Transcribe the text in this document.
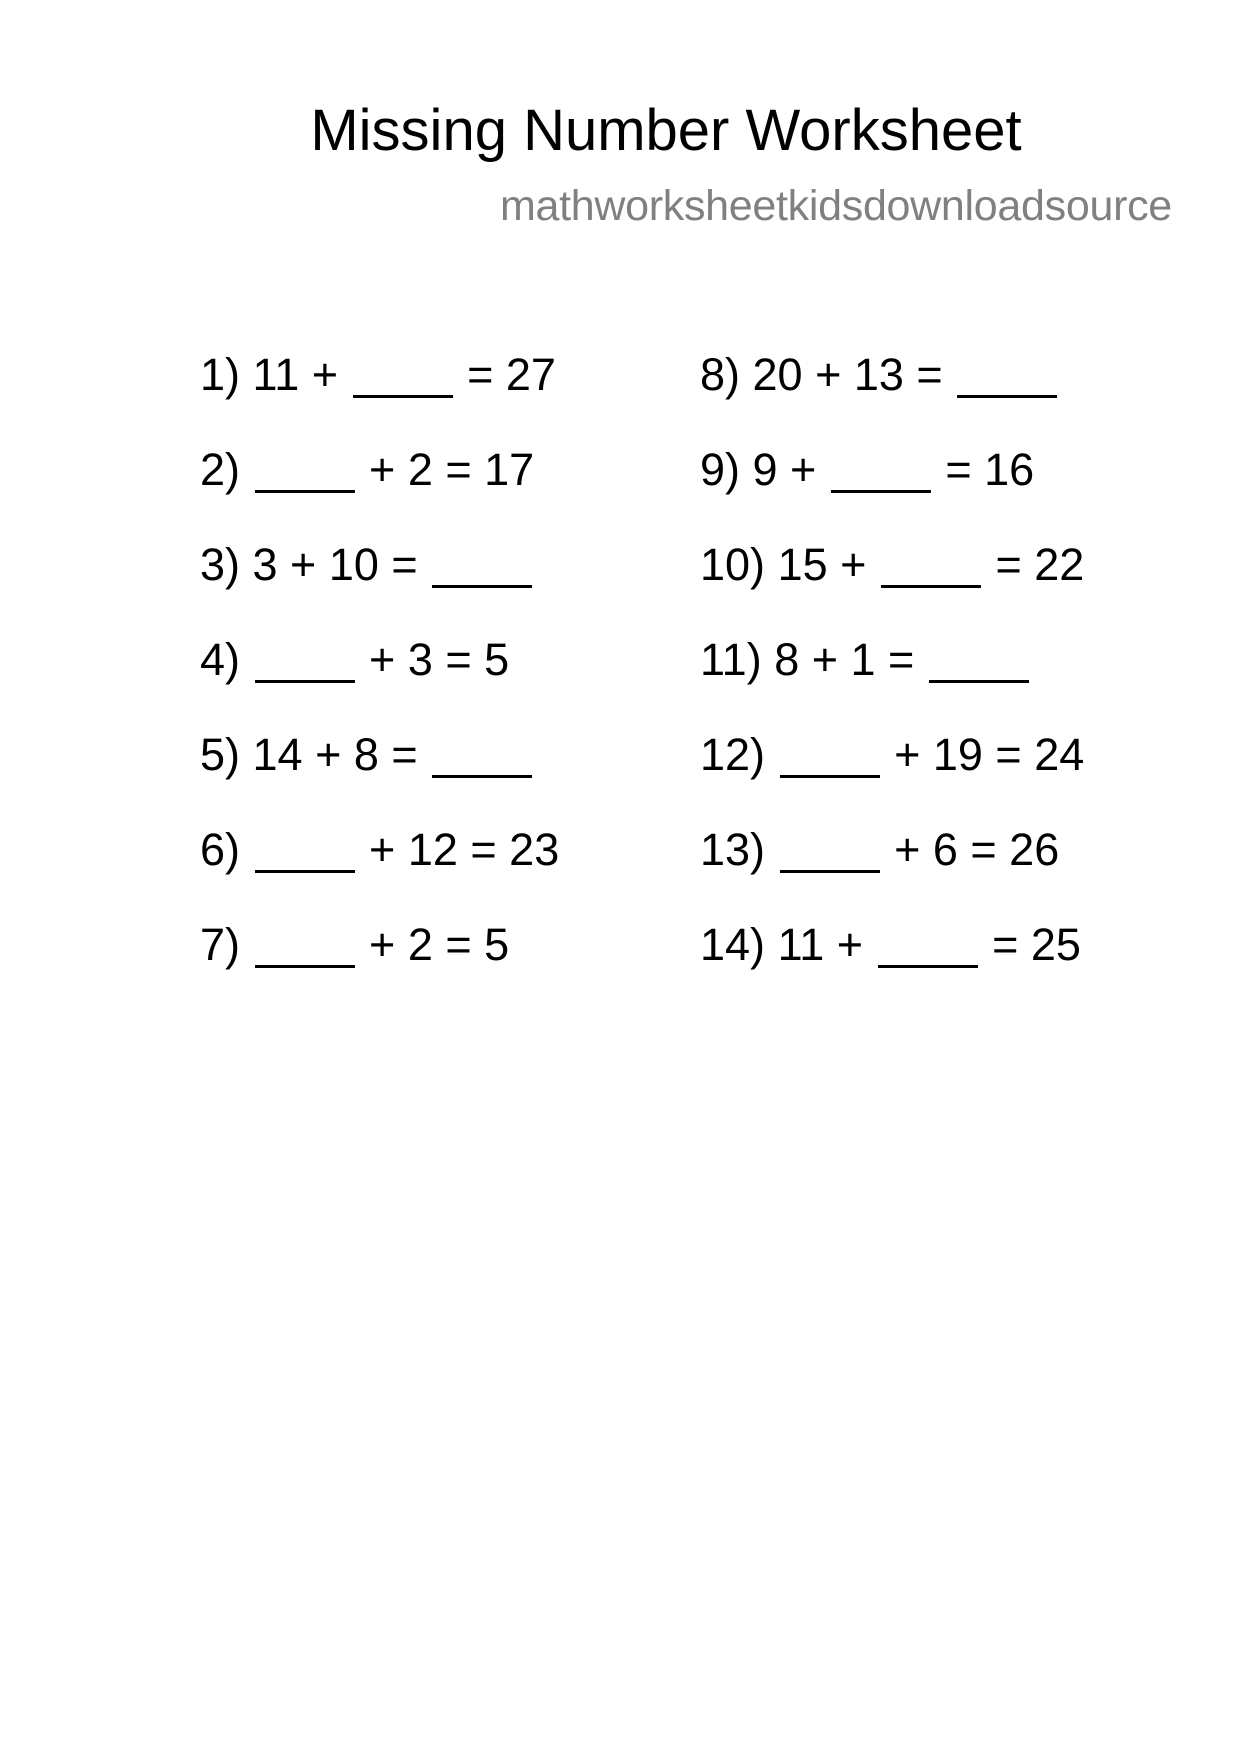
Missing Number Worksheet
mathworksheetkidsdownloadsource
1)
11 +

	= 27
2)

	+ 2 = 17
3)
3 + 10 =

4)

	+ 3 = 5
5)
14 + 8 =

6)

	+ 12 = 23
7)

	+ 2 = 5
8)
20 + 13 =

9)
9 +

	= 16
10)
15 +

	= 22
11)
8 + 1 =

12)

	+ 19 = 24
13)

	+ 6 = 26
14)
11 +

	= 25
